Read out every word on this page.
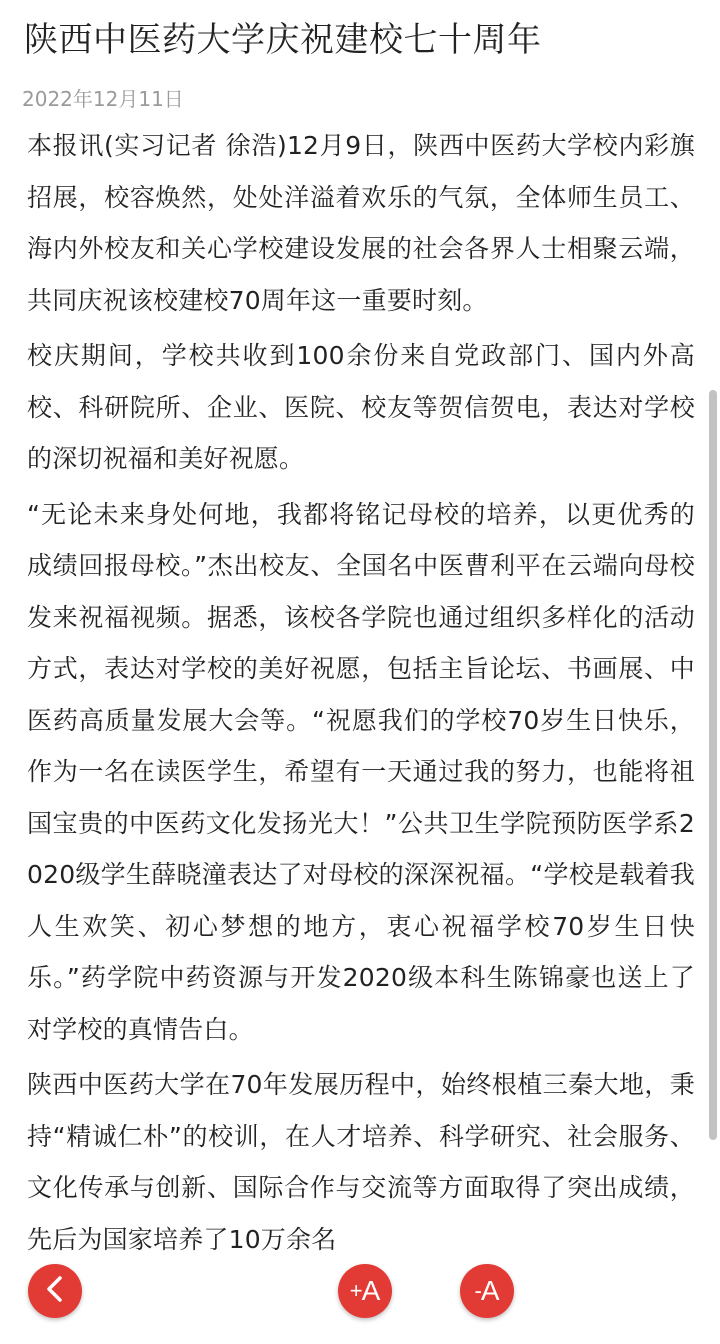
陕西中医药大学庆祝建校七十周年
2022年12月11日

本报讯(实习记者 徐浩)12月9日，陕西中医药大学校内彩旗招展，校容焕然，处处洋溢着欢乐的气氛，全体师生员工、海内外校友和关心学校建设发展的社会各界人士相聚云端，共同庆祝该校建校70周年这一重要时刻。

校庆期间，学校共收到100余份来自党政部门、国内外高校、科研院所、企业、医院、校友等贺信贺电，表达对学校的深切祝福和美好祝愿。

“无论未来身处何地，我都将铭记母校的培养，以更优秀的成绩回报母校。”杰出校友、全国名中医曹利平在云端向母校发来祝福视频。据悉，该校各学院也通过组织多样化的活动方式，表达对学校的美好祝愿，包括主旨论坛、书画展、中医药高质量发展大会等。“祝愿我们的学校70岁生日快乐，作为一名在读医学生，希望有一天通过我的努力，也能将祖国宝贵的中医药文化发扬光大！”公共卫生学院预防医学系2020级学生薛晓潼表达了对母校的深深祝福。“学校是载着我人生欢笑、初心梦想的地方，衷心祝福学校70岁生日快乐。”药学院中药资源与开发2020级本科生陈锦豪也送上了对学校的真情告白。

陕西中医药大学在70年发展历程中，始终根植三秦大地，秉持“精诚仁朴”的校训，在人才培养、科学研究、社会服务、文化传承与创新、国际合作与交流等方面取得了突出成绩，先后为国家培养了10万余名

+A	-A
